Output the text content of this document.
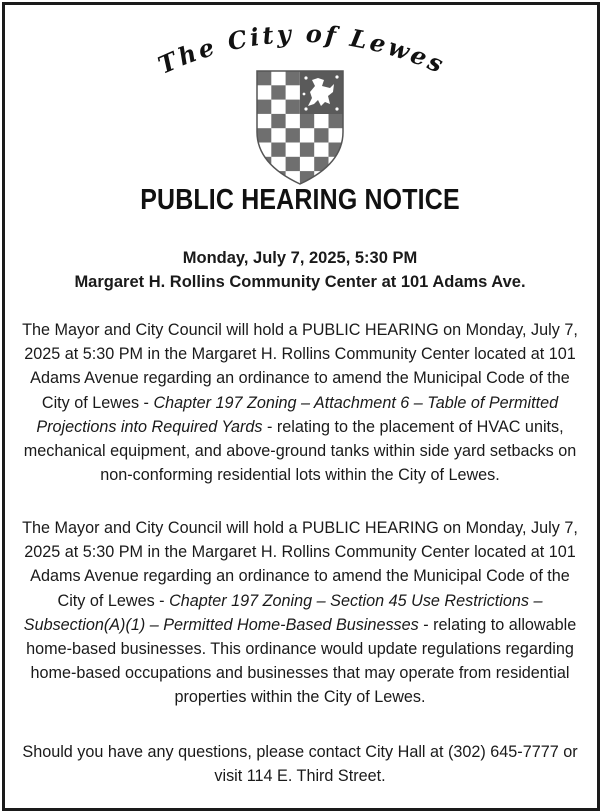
The City of Lewes
PUBLIC HEARING NOTICE
Monday, July 7, 2025, 5:30 PM
Margaret H. Rollins Community Center at 101 Adams Ave.
The Mayor and City Council will hold a PUBLIC HEARING on Monday, July 7, 2025 at 5:30 PM in the Margaret H. Rollins Community Center located at 101 Adams Avenue regarding an ordinance to amend the Municipal Code of the City of Lewes - Chapter 197 Zoning – Attachment 6 – Table of Permitted Projections into Required Yards - relating to the placement of HVAC units, mechanical equipment, and above-ground tanks within side yard setbacks on non-conforming residential lots within the City of Lewes.
The Mayor and City Council will hold a PUBLIC HEARING on Monday, July 7, 2025 at 5:30 PM in the Margaret H. Rollins Community Center located at 101 Adams Avenue regarding an ordinance to amend the Municipal Code of the City of Lewes - Chapter 197 Zoning – Section 45 Use Restrictions – Subsection(A)(1) – Permitted Home-Based Businesses - relating to allowable home-based businesses. This ordinance would update regulations regarding home-based occupations and businesses that may operate from residential properties within the City of Lewes.
Should you have any questions, please contact City Hall at (302) 645-7777 or visit 114 E. Third Street.
